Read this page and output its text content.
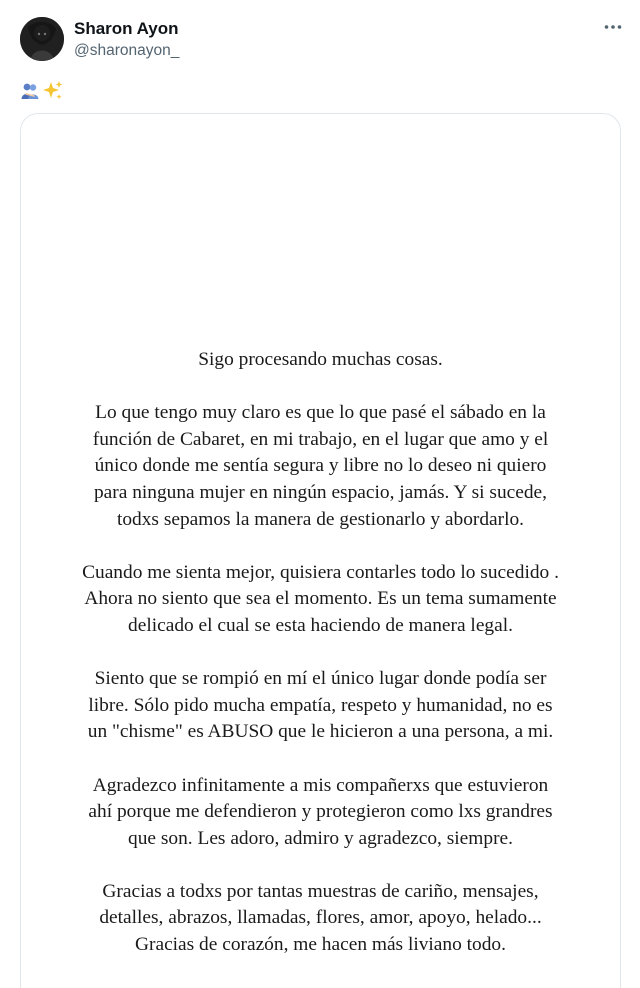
Sharon Ayon
@sharonayon_

Sigo procesando muchas cosas.

Lo que tengo muy claro es que lo que pasé el sábado en la
función de Cabaret, en mi trabajo, en el lugar que amo y el
único donde me sentía segura y libre no lo deseo ni quiero
para ninguna mujer en ningún espacio, jamás. Y si sucede,
todxs sepamos la manera de gestionarlo y abordarlo.

Cuando me sienta mejor, quisiera contarles todo lo sucedido .
Ahora no siento que sea el momento. Es un tema sumamente
delicado el cual se esta haciendo de manera legal.

Siento que se rompió en mí el único lugar donde podía ser
libre. Sólo pido mucha empatía, respeto y humanidad, no es
un "chisme" es ABUSO que le hicieron a una persona, a mi.

Agradezco infinitamente a mis compañerxs que estuvieron
ahí porque me defendieron y protegieron como lxs grandres
que son. Les adoro, admiro y agradezco, siempre.

Gracias a todxs por tantas muestras de cariño, mensajes,
detalles, abrazos, llamadas, flores, amor, apoyo, helado...
Gracias de corazón, me hacen más liviano todo.
